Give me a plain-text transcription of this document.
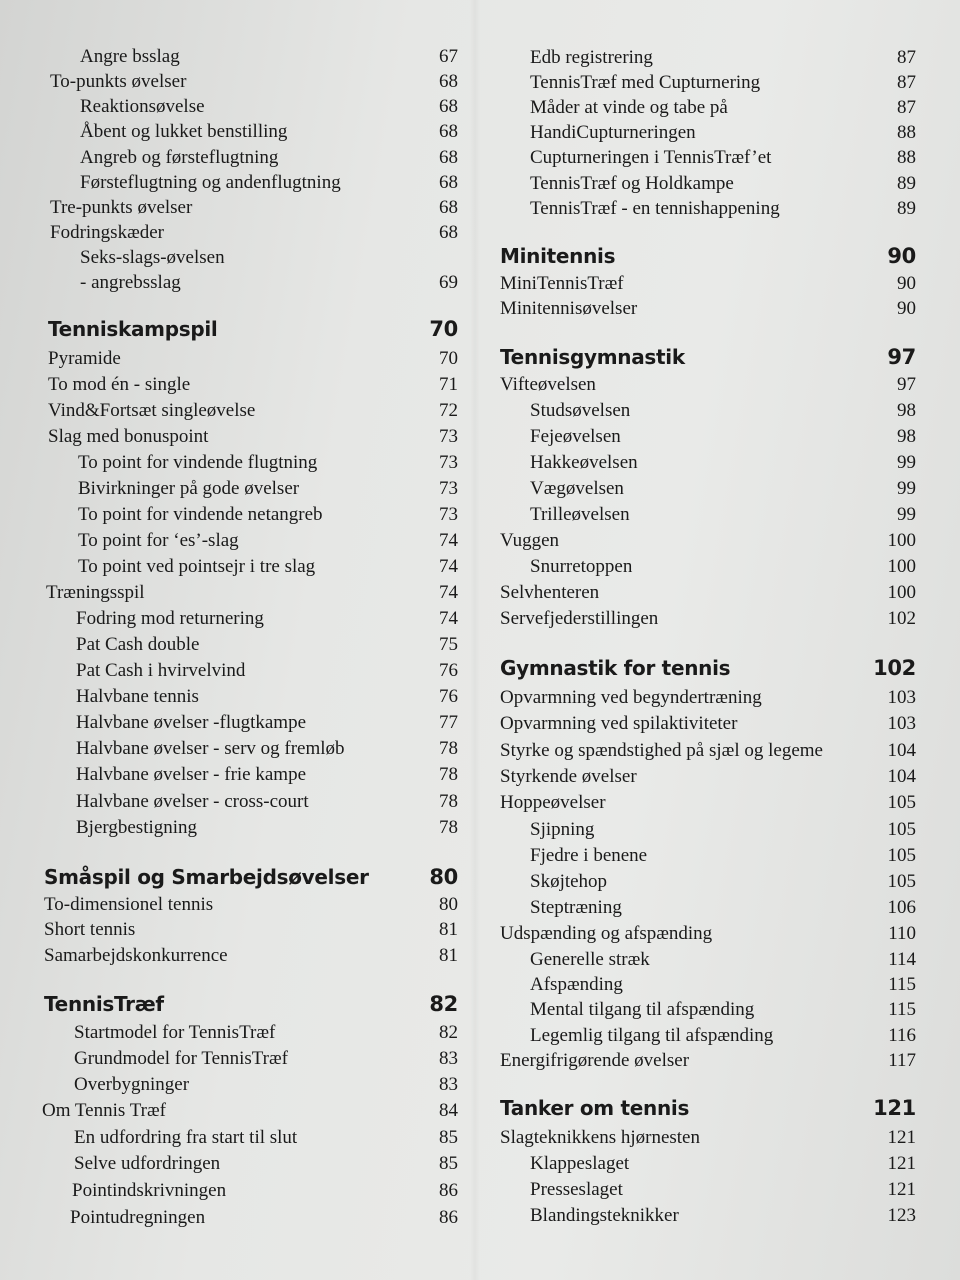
Angre bsslag	67
To-punkts øvelser	68
Reaktionsøvelse	68
Åbent og lukket benstilling	68
Angreb og førsteflugtning	68
Førsteflugtning og andenflugtning	68
Tre-punkts øvelser	68
Fodringskæder	68
Seks-slags-øvelsen
- angrebsslag	69
Tenniskampspil	70
Pyramide	70
To mod én - single	71
Vind&Fortsæt singleøvelse	72
Slag med bonuspoint	73
To point for vindende flugtning	73
Bivirkninger på gode øvelser	73
To point for vindende netangreb	73
To point for ‘es’-slag	74
To point ved pointsejr i tre slag	74
Træningsspil	74
Fodring mod returnering	74
Pat Cash double	75
Pat Cash i hvirvelvind	76
Halvbane tennis	76
Halvbane øvelser -flugtkampe	77
Halvbane øvelser - serv og fremløb	78
Halvbane øvelser - frie kampe	78
Halvbane øvelser - cross-court	78
Bjergbestigning	78
Småspil og Smarbejdsøvelser	80
To-dimensionel tennis	80
Short tennis	81
Samarbejdskonkurrence	81
TennisTræf	82
Startmodel for TennisTræf	82
Grundmodel for TennisTræf	83
Overbygninger	83
Om Tennis Træf	84
En udfordring fra start til slut	85
Selve udfordringen	85
Pointindskrivningen	86
Pointudregningen	86
Edb registrering	87
TennisTræf med Cupturnering	87
Måder at vinde og tabe på	87
HandiCupturneringen	88
Cupturneringen i TennisTræf’et	88
TennisTræf og Holdkampe	89
TennisTræf - en tennishappening	89
Minitennis	90
MiniTennisTræf	90
Minitennisøvelser	90
Tennisgymnastik	97
Vifteøvelsen	97
Studsøvelsen	98
Fejeøvelsen	98
Hakkeøvelsen	99
Vægøvelsen	99
Trilleøvelsen	99
Vuggen	100
Snurretoppen	100
Selvhenteren	100
Servefjederstillingen	102
Gymnastik for tennis	102
Opvarmning ved begyndertræning	103
Opvarmning ved spilaktiviteter	103
Styrke og spændstighed på sjæl og legeme	104
Styrkende øvelser	104
Hoppeøvelser	105
Sjipning	105
Fjedre i benene	105
Skøjtehop	105
Steptræning	106
Udspænding og afspænding	110
Generelle stræk	114
Afspænding	115
Mental tilgang til afspænding	115
Legemlig tilgang til afspænding	116
Energifrigørende øvelser	117
Tanker om tennis	121
Slagteknikkens hjørnesten	121
Klappeslaget	121
Presseslaget	121
Blandingsteknikker	123
